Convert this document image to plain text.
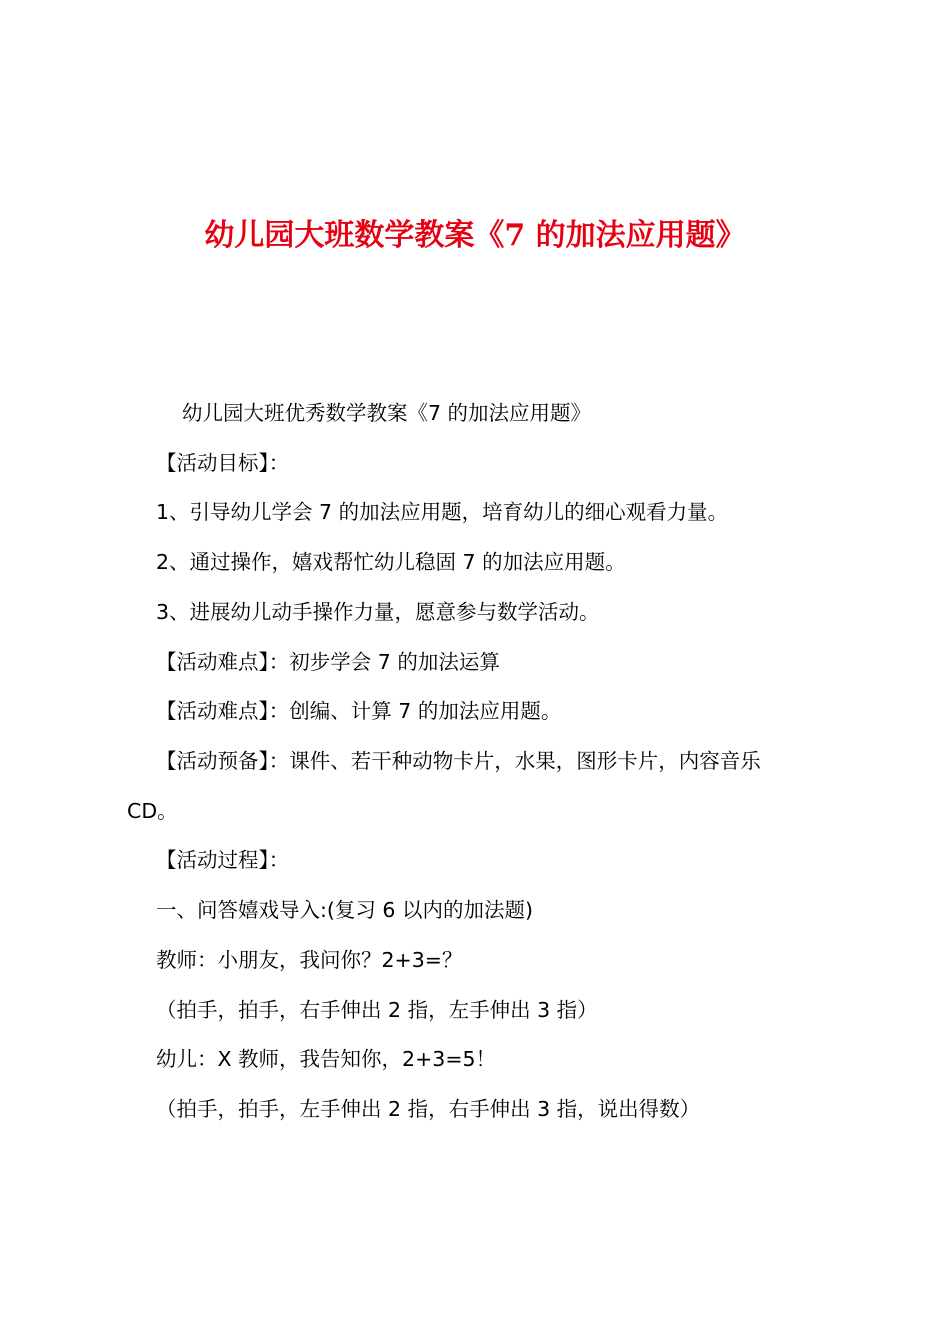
幼儿园大班数学教案《7 的加法应用题》
幼儿园大班优秀数学教案《7 的加法应用题》
【活动目标】：
1、引导幼儿学会 7 的加法应用题，培育幼儿的细心观看力量。
2、通过操作，嬉戏帮忙幼儿稳固 7 的加法应用题。
3、进展幼儿动手操作力量，愿意参与数学活动。
【活动难点】：初步学会 7 的加法运算
【活动难点】：创编、计算 7 的加法应用题。
【活动预备】：课件、若干种动物卡片，水果，图形卡片，内容音乐
CD。
【活动过程】：
一、问答嬉戏导入:(复习 6 以内的加法题)
教师：小朋友，我问你？2+3=？
（拍手，拍手，右手伸出 2 指，左手伸出 3 指）
幼儿：X 教师，我告知你，2+3=5！
（拍手，拍手，左手伸出 2 指，右手伸出 3 指，说出得数）
